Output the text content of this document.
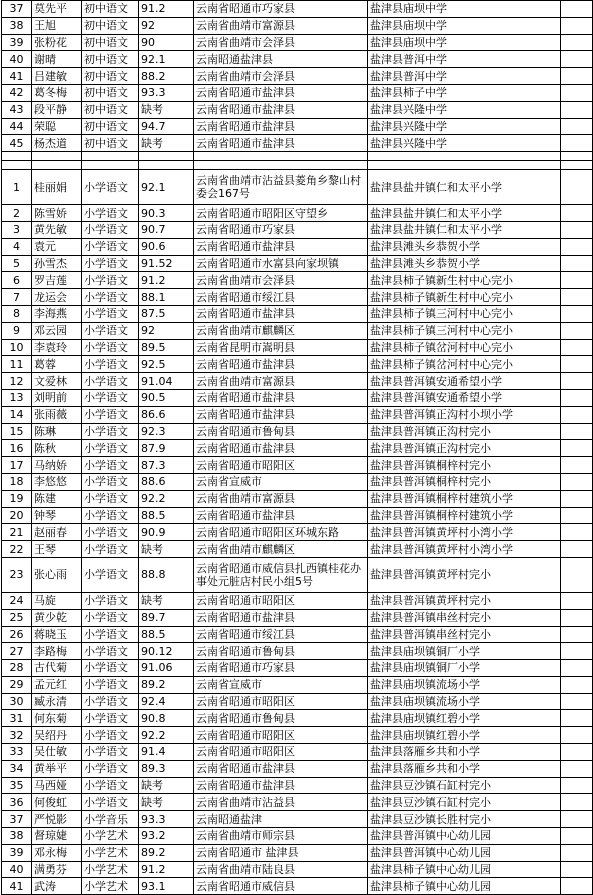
37	莫先平	初中语文	91.2	云南省昭通市巧家县	盐津县庙坝中学	
38	王旭	初中语文	92	云南省曲靖市富源县	盐津县庙坝中学	
39	张粉花	初中语文	90	云南省曲靖市会泽县	盐津县庙坝中学	
40	谢晴	初中语文	92.1	云南昭通盐津县	盐津县普洱中学	
41	吕建敏	初中语文	88.2	云南省曲靖市会泽县	盐津县普洱中学	
42	葛冬梅	初中语文	93.3	云南省昭通市盐津县	盐津县柿子中学	
43	段平静	初中语文	缺考	云南省昭通市盐津县	盐津县兴隆中学	
44	荣聪	初中语文	94.7	云南省昭通市盐津县	盐津县兴隆中学	
45	杨杰道	初中语文	缺考	云南省昭通市盐津县	盐津县兴隆中学	

1	桂丽娟	小学语文	92.1	云南省曲靖市沾益县菱角乡黎山村委会167号	盐津县盐井镇仁和太平小学	
2	陈雪娇	小学语文	90.3	云南省昭通市昭阳区守望乡	盐津县盐井镇仁和太平小学	
3	黄先敏	小学语文	90.7	云南省昭通市巧家县	盐津县盐井镇仁和太平小学	
4	袁元	小学语文	90.6	云南省昭通市盐津县	盐津县滩头乡恭贺小学	
5	孙雪杰	小学语文	91.52	云南省昭通市水富县向家坝镇	盐津县滩头乡恭贺小学	
6	罗吉莲	小学语文	91.2	云南省曲靖市会泽县	盐津县柿子镇新生村中心完小	
7	龙运会	小学语文	88.1	云南省昭通市绥江县	盐津县柿子镇新生村中心完小	
8	李海燕	小学语文	87.5	云南省昭通市盐津县	盐津县柿子镇三河村中心完小	
9	邓云园	小学语文	92	云南省曲靖市麒麟区	盐津县柿子镇三河村中心完小	
10	李袁玲	小学语文	89.5	云南省昆明市嵩明县	盐津县柿子镇岔河村中心完小	
11	葛蓉	小学语文	92.5	云南省昭通市盐津县	盐津县柿子镇岔河村中心完小	
12	文爱林	小学语文	91.04	云南省曲靖市富源县	盐津县普洱镇安通希望小学	
13	刘明前	小学语文	90.5	云南省昭通市盐津县	盐津县普洱镇安通希望小学	
14	张雨薇	小学语文	86.6	云南省昭通市盐津县	盐津县普洱镇正沟村小坝小学	
15	陈琳	小学语文	92.3	云南省昭通市鲁甸县	盐津县普洱镇正沟村完小	
16	陈秋	小学语文	87.9	云南省昭通市盐津县	盐津县普洱镇正沟村完小	
17	马纳娇	小学语文	87.3	云南省昭通市昭阳区	盐津县普洱镇桐梓村完小	
18	李悠悠	小学语文	88.6	云南省宣威市	盐津县普洱镇桐梓村完小	
19	陈建	小学语文	92.2	云南省曲靖市富源县	盐津县普洱镇桐梓村建筑小学	
20	钟琴	小学语文	88.5	云南省昭通市盐津县	盐津县普洱镇桐梓村建筑小学	
21	赵丽春	小学语文	90.9	云南省昭通市昭阳区环城东路	盐津县普洱镇黄坪村小湾小学	
22	王琴	小学语文	缺考	云南省曲靖市麒麟区	盐津县普洱镇黄坪村小湾小学	
23	张心雨	小学语文	88.8	云南省昭通市威信县扎西镇桂花办事处元脏店村民小组5号	盐津县普洱镇黄坪村完小	
24	马旋	小学语文	缺考	云南省昭通市昭阳区	盐津县普洱镇黄坪村完小	
25	黄少乾	小学语文	89.7	云南省昭通市盐津县	盐津县普洱镇串丝村完小	
26	蒋晓玉	小学语文	88.5	云南省昭通市绥江县	盐津县普洱镇串丝村完小	
27	李路梅	小学语文	90.12	云南省昭通市鲁甸县	盐津县庙坝镇铜厂小学	
28	古代菊	小学语文	91.06	云南省昭通市巧家县	盐津县庙坝镇铜厂小学	
29	孟元红	小学语文	89.2	云南省宣威市	盐津县庙坝镇流场小学	
30	臧永清	小学语文	92.4	云南省昭通市昭阳区	盐津县庙坝镇流场小学	
31	何东菊	小学语文	90.8	云南省昭通市鲁甸县	盐津县庙坝镇红碧小学	
32	吴绍丹	小学语文	92.2	云南省昭通市昭阳区	盐津县庙坝镇红碧小学	
33	吴仕敏	小学语文	91.4	云南省昭通市昭阳区	盐津县落雁乡共和小学	
34	黄举平	小学语文	89.3	云南省昭通市盐津县	盐津县落雁乡共和小学	
35	马西娅	小学语文	缺考	云南省昭通市盐津县	盐津县豆沙镇石缸村完小	
36	何俊虹	小学语文	缺考	云南省曲靖市沾益县	盐津县豆沙镇石缸村完小	
37	严悦影	小学音乐	93.3	云南昭通盐津	盐津县豆沙镇长胜村完小	
38	督琼婕	小学艺术	93.2	云南省曲靖市师宗县	盐津县普洱镇中心幼儿园	
39	邓永梅	小学艺术	89.2	云南省昭通市 盐津县	盐津县普洱镇中心幼儿园	
40	满勇芬	小学艺术	91.2	云南省曲靖市陆良县	盐津县柿子镇中心幼儿园	
41	武涛	小学艺术	93.1	云南省昭通市威信县	盐津县柿子镇中心幼儿园	
